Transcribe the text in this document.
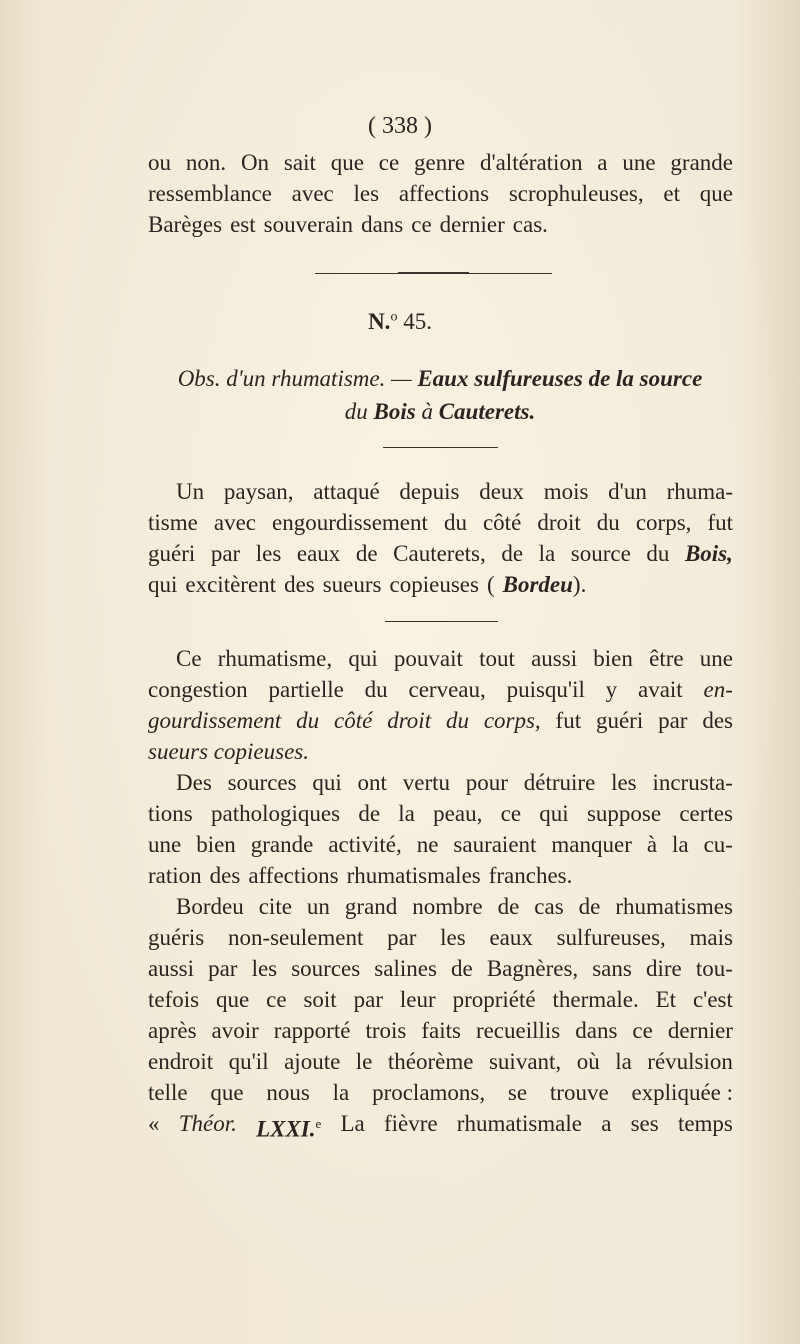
( 338 )
ou non. On sait que ce genre d'altération a une grande
ressemblance avec les affections scrophuleuses, et que
Barèges est souverain dans ce dernier cas.
N.$^o$ 45.
Obs. d'un rhumatisme. — Eaux sulfureuses de la source
du Bois à Cauterets.
Un paysan, attaqué depuis deux mois d'un rhuma-
tisme avec engourdissement du côté droit du corps, fut
guéri par les eaux de Cauterets, de la source du Bois,
qui excitèrent des sueurs copieuses ( Bordeu ).
Ce rhumatisme, qui pouvait tout aussi bien être une
congestion partielle du cerveau, puisqu'il y avait en-
gourdissement du côté droit du corps, fut guéri par des
sueurs copieuses.
Des sources qui ont vertu pour détruire les incrusta-
tions pathologiques de la peau, ce qui suppose certes
une bien grande activité, ne sauraient manquer à la cu-
ration des affections rhumatismales franches.
Bordeu cite un grand nombre de cas de rhumatismes
guéris non-seulement par les eaux sulfureuses, mais
aussi par les sources salines de Bagnères, sans dire tou-
tefois que ce soit par leur propriété thermale. Et c'est
après avoir rapporté trois faits recueillis dans ce dernier
endroit qu'il ajoute le théorème suivant, où la révulsion
telle que nous la proclamons, se trouve expliquée :
« Théor. LXXI.$^e$ La fièvre rhumatismale a ses temps
